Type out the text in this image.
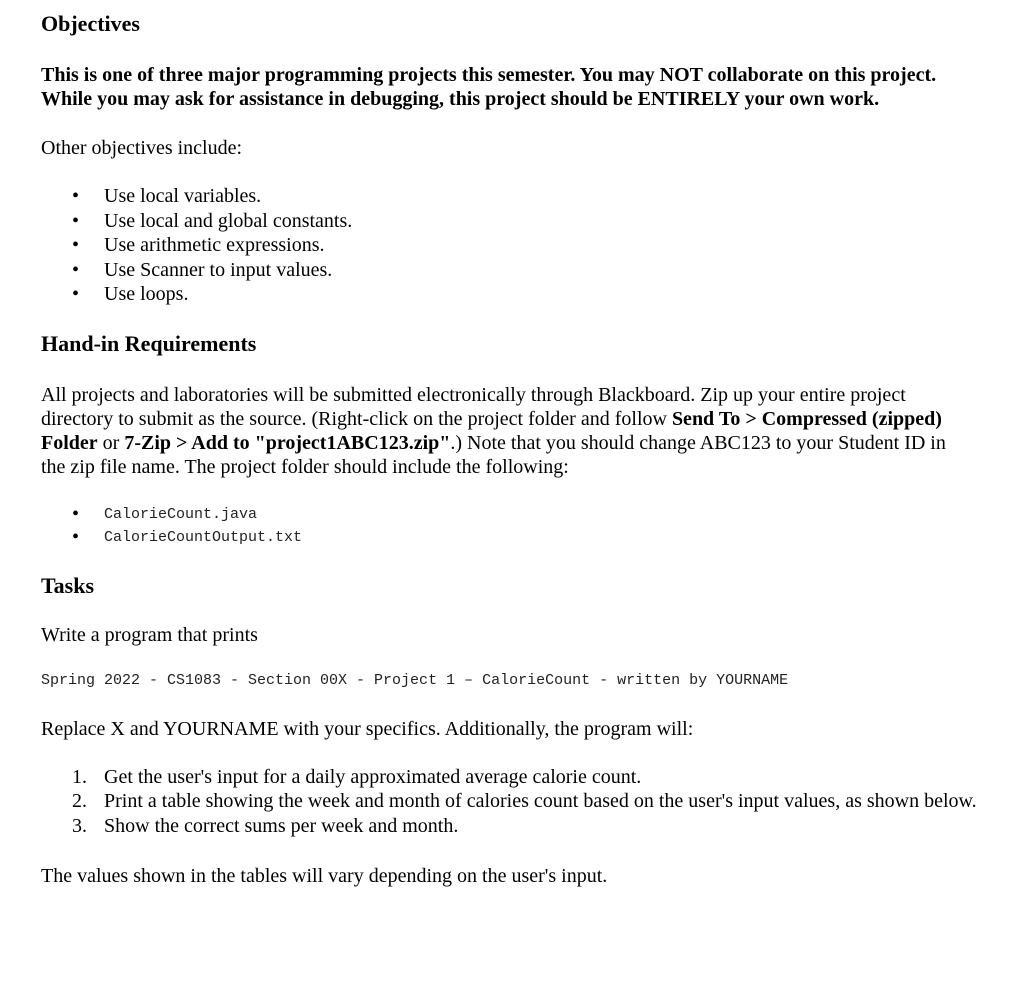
Objectives

This is one of three major programming projects this semester. You may NOT collaborate on this project. While you may ask for assistance in debugging, this project should be ENTIRELY your own work.

Other objectives include:

• Use local variables.
• Use local and global constants.
• Use arithmetic expressions.
• Use Scanner to input values.
• Use loops.
Hand-in Requirements

All projects and laboratories will be submitted electronically through Blackboard. Zip up your entire project directory to submit as the source. (Right-click on the project folder and follow Send To > Compressed (zipped) Folder or 7-Zip > Add to "project1ABC123.zip".) Note that you should change ABC123 to your Student ID in the zip file name. The project folder should include the following:

• CalorieCount.java
• CalorieCountOutput.txt
Tasks

Write a program that prints

Spring 2022 - CS1083 - Section 00X - Project 1 – CalorieCount - written by YOURNAME

Replace X and YOURNAME with your specifics. Additionally, the program will:

1. Get the user's input for a daily approximated average calorie count.
2. Print a table showing the week and month of calories count based on the user's input values, as shown below.
3. Show the correct sums per week and month.

The values shown in the tables will vary depending on the user's input.
